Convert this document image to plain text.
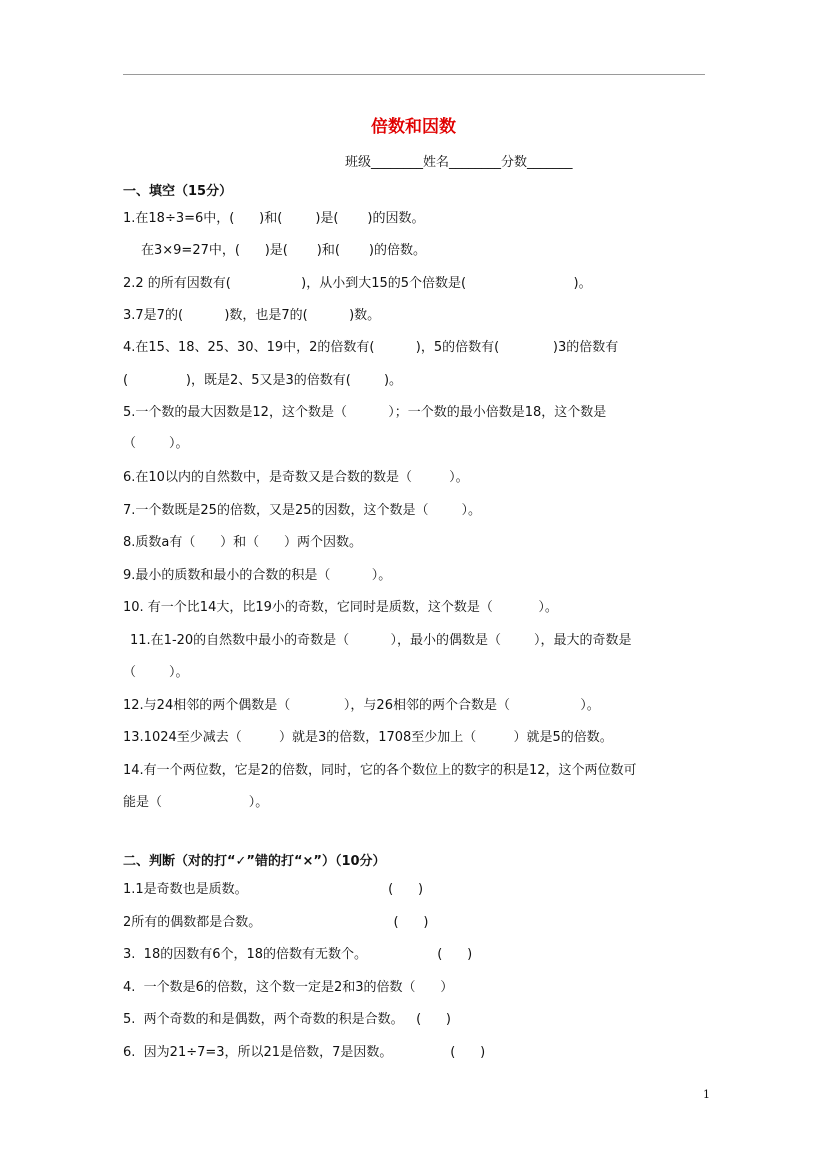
倍数和因数
班级________姓名________分数_______
一、填空（15分）
1.在18÷3=6中，(      )和(        )是(       )的因数。
在3×9=27中，(      )是(       )和(       )的倍数。
2.2 的所有因数有(                 )，从小到大15的5个倍数是(                          )。
3.7是7的(          )数，也是7的(          )数。
4.在15、18、25、30、19中，2的倍数有(          )，5的倍数有(             )3的倍数有
(              )，既是2、5又是3的倍数有(        )。
5.一个数的最大因数是12，这个数是（          ）；一个数的最小倍数是18，这个数是
（        ）。
6.在10以内的自然数中，是奇数又是合数的数是（         ）。
7.一个数既是25的倍数，又是25的因数，这个数是（        ）。
8.质数a有（      ）和（      ）两个因数。
9.最小的质数和最小的合数的积是（          ）。
10. 有一个比14大，比19小的奇数，它同时是质数，这个数是（           ）。
11.在1-20的自然数中最小的奇数是（          ），最小的偶数是（        ），最大的奇数是
（        ）。
12.与24相邻的两个偶数是（             ），与26相邻的两个合数是（                 ）。
13.1024至少减去（         ）就是3的倍数，1708至少加上（         ）就是5的倍数。
14.有一个两位数，它是2的倍数，同时，它的各个数位上的数字的积是12，这个两位数可
能是（                     ）。
二、判断（对的打“✓”错的打“×”）（10分）
1.1是奇数也是质数。                                  (      )
2所有的偶数都是合数。                                (      )
3.  18的因数有6个，18的倍数有无数个。                 (      )
4.  一个数是6的倍数，这个数一定是2和3的倍数（      ）
5.  两个奇数的和是偶数，两个奇数的积是合数。   (      )
6.  因为21÷7=3，所以21是倍数，7是因数。              (      )
1
